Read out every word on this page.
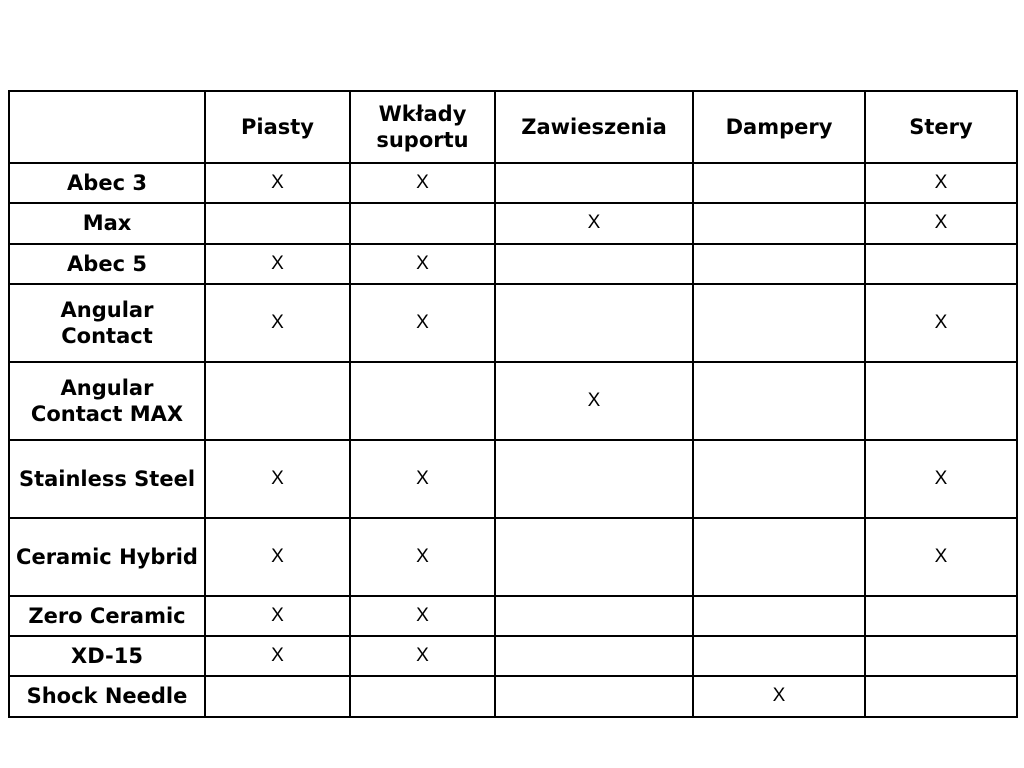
	Piasty	Wkłady suportu	Zawieszenia	Dampery	Stery
Abec 3	X	X			X
Max			X		X
Abec 5	X	X			
Angular Contact	X	X			X
Angular Contact MAX			X		
Stainless Steel	X	X			X
Ceramic Hybrid	X	X			X
Zero Ceramic	X	X			
XD-15	X	X			
Shock Needle				X	
